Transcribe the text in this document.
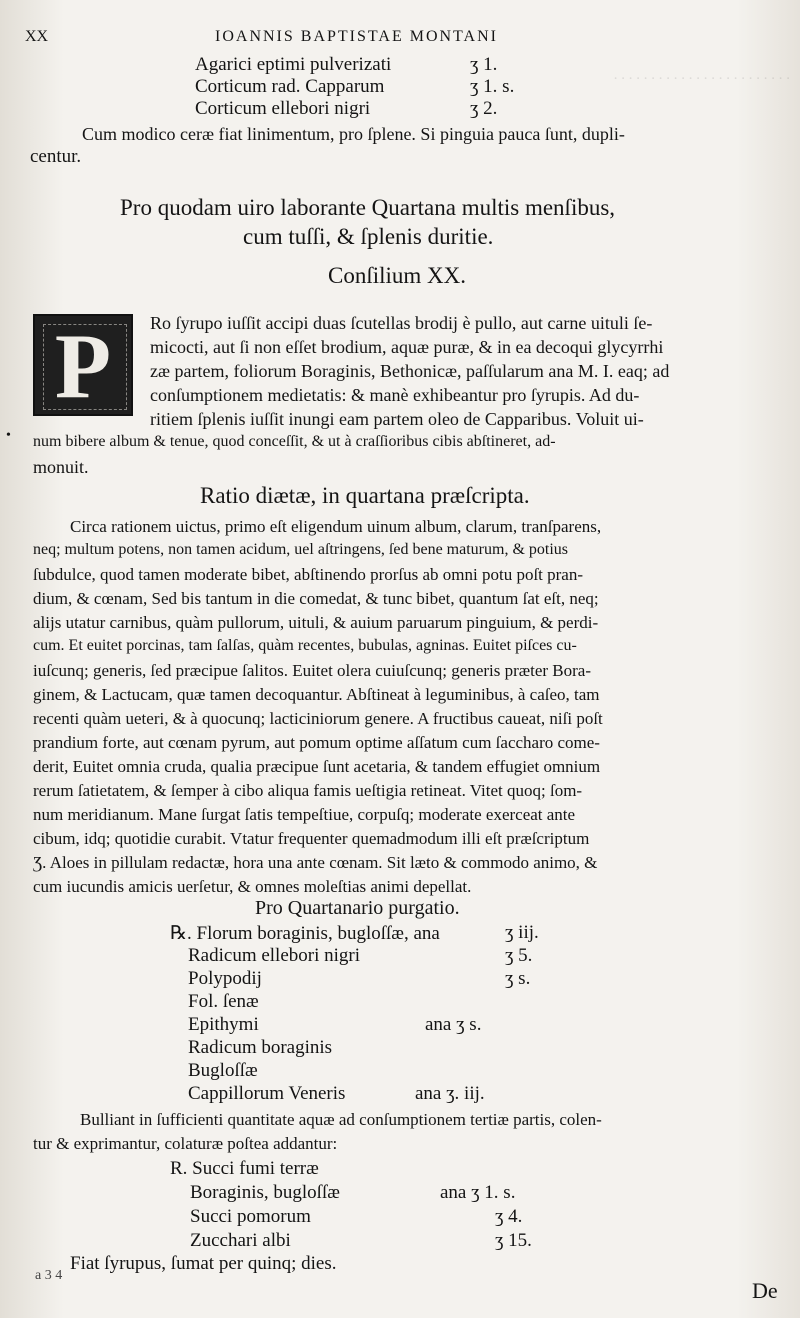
. . . . . . . . . . . . . . . . . . . . . . . .
XX	IOANNIS BAPTISTAE MONTANI
Agarici eptimi pulverizati	ʒ 1.
Corticum rad. Capparum	ʒ 1. s.
Corticum ellebori nigri	ʒ 2.
Cum modico ceræ fiat linimentum, pro ſplene. Si pinguia pauca ſunt, dupli-
centur.
Pro quodam uiro laborante Quartana multis menſibus,
cum tuſſi, & ſplenis duritie.
Conſilium XX.
P	Ro ſyrupo iuſſit accipi duas ſcutellas brodij è pullo, aut carne uituli ſe-
micocti, aut ſi non eſſet brodium, aquæ puræ, & in ea decoqui glycyrrhi
zæ partem, foliorum Boraginis, Bethonicæ, paſſularum ana M. I. eaq; ad
conſumptionem medietatis: & manè exhibeantur pro ſyrupis. Ad du-
ritiem ſplenis iuſſit inungi eam partem oleo de Capparibus. Voluit ui-
num bibere album & tenue, quod conceſſit, & ut à craſſioribus cibis abſtineret, ad-
monuit.
•
Ratio diætæ, in quartana præſcripta.
Circa rationem uictus, primo eſt eligendum uinum album, clarum, tranſparens,
neq; multum potens, non tamen acidum, uel aſtringens, ſed bene maturum, & potius
ſubdulce, quod tamen moderate bibet, abſtinendo prorſus ab omni potu poſt pran-
dium, & cœnam, Sed bis tantum in die comedat, & tunc bibet, quantum ſat eſt, neq;
alijs utatur carnibus, quàm pullorum, uituli, & auium paruarum pinguium, & perdi-
cum. Et euitet porcinas, tam ſalſas, quàm recentes, bubulas, agninas. Euitet piſces cu-
iuſcunq; generis, ſed præcipue ſalitos. Euitet olera cuiuſcunq; generis præter Bora-
ginem, & Lactucam, quæ tamen decoquantur. Abſtineat à leguminibus, à caſeo, tam
recenti quàm ueteri, & à quocunq; lacticiniorum genere. A fructibus caueat, niſi poſt
prandium forte, aut cœnam pyrum, aut pomum optime aſſatum cum ſaccharo come-
derit, Euitet omnia cruda, qualia præcipue ſunt acetaria, & tandem effugiet omnium
rerum ſatietatem, & ſemper à cibo aliqua famis ueſtigia retineat. Vitet quoq; ſom-
num meridianum. Mane ſurgat ſatis tempeſtiue, corpuſq; moderate exerceat ante
cibum, idq; quotidie curabit. Vtatur frequenter quemadmodum illi eſt præſcriptum
Ʒ. Aloes in pillulam redactæ, hora una ante cœnam. Sit læto & commodo animo, &
cum iucundis amicis uerſetur, & omnes moleſtias animi depellat.
Pro Quartanario purgatio.
℞. Florum boraginis, bugloſſæ, ana	ʒ iij.
Radicum ellebori nigri	ʒ 5.
Polypodij	ʒ s.
Fol. ſenæ
Epithymi	ana ʒ s.
Radicum boraginis
Bugloſſæ
Cappillorum Veneris	ana ʒ. iij.
Bulliant in ſufficienti quantitate aquæ ad conſumptionem tertiæ partis, colen-
tur & exprimantur, colaturæ poſtea addantur:
R. Succi fumi terræ
Boraginis, bugloſſæ	ana ʒ 1. s.
Succi pomorum	ʒ 4.
Zucchari albi	ʒ 15.
Fiat ſyrupus, ſumat per quinq; dies.
a 3 4
De
